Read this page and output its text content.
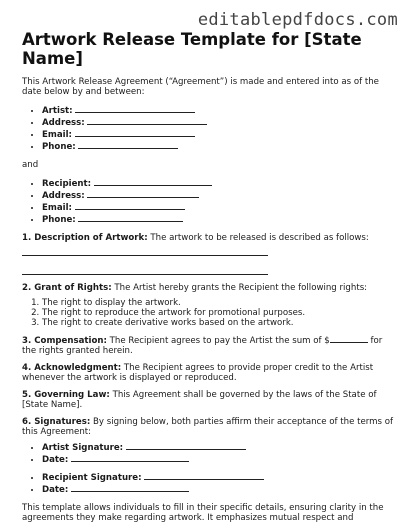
editablepdfdocs.com
Artwork Release Template for [State Name]

This Artwork Release Agreement (“Agreement”) is made and entered into as of the date below by and between:

• Artist:
• Address:
• Email:
• Phone:

and

• Recipient:
• Address:
• Email:
• Phone:

1. Description of Artwork: The artwork to be released is described as follows:

2. Grant of Rights: The Artist hereby grants the Recipient the following rights:

1. The right to display the artwork.
2. The right to reproduce the artwork for promotional purposes.
3. The right to create derivative works based on the artwork.

3. Compensation: The Recipient agrees to pay the Artist the sum of $	for the rights granted herein.

4. Acknowledgment: The Recipient agrees to provide proper credit to the Artist whenever the artwork is displayed or reproduced.

5. Governing Law: This Agreement shall be governed by the laws of the State of [State Name].

6. Signatures: By signing below, both parties affirm their acceptance of the terms of this Agreement:

• Artist Signature:
• Date:
• Recipient Signature:
• Date:

This template allows individuals to fill in their specific details, ensuring clarity in the agreements they make regarding artwork. It emphasizes mutual respect and
